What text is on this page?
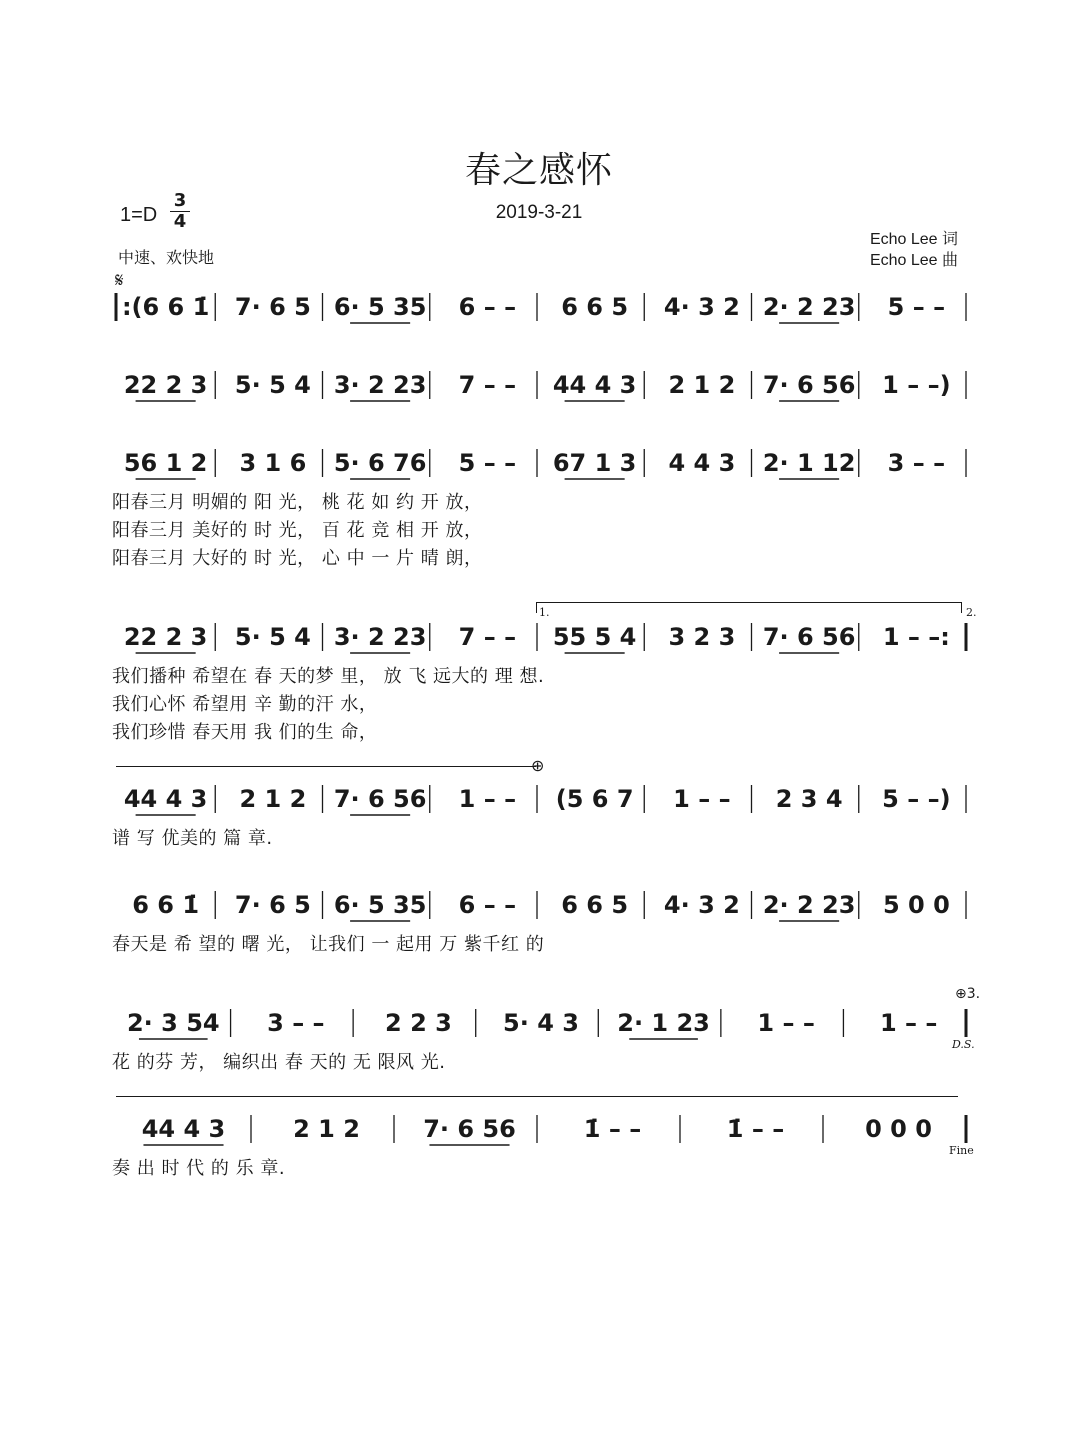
春之感怀
2019-3-21
1=D
3
4
中速、欢快地
Echo Lee 词
Echo Lee 曲
𝄋
:(6 6 1̇ 7· 6 5 6· 5 35 6 – – 6 6 5 4· 3 2 2· 2 23 5 – –
22 2 3 5· 5 4 3· 2 23 7 – – 44 4 3 2 1 2 7· 6 56 1 – –)
56 1 2 3 1 6 5· 6 76 5 – – 67 1 3 4 4 3 2· 1 12 3 – –
22 2 3 5· 5 4 3· 2 23 7 – – 55 5 4 3 2 3 7· 6 56 1 – –:
44 4 3 2 1 2 7· 6 56 1 – – (5 6 7 1 – – 2 3 4 5 – –)
6 6 1̇ 7· 6 5 6· 5 35 6 – – 6 6 5 4· 3 2 2· 2 23 5 0 0
2· 3 54 3 – –	2 2 3 5· 4 3 2· 1 23 1 – –	1 – –
44 4 3	2 1 2	7· 6 56	1̇ – –	1̇ – –	0 0 0
阳春三月 明媚的 阳 光， 桃 花 如 约 开 放，
阳春三月 美好的 时 光， 百 花 竞 相 开 放，
阳春三月 大好的 时 光， 心 中 一 片 晴 朗，
我们播种 希望在 春 天的梦 里， 放 飞 远大的 理 想.
我们心怀 希望用 辛 勤的汗 水，
我们珍惜 春天用 我 们的生 命，
谱 写 优美的 篇 章.
春天是 希 望的 曙 光， 让我们 一 起用 万 紫千红 的
花 的芬 芳， 编织出 春 天的 无 限风 光.
奏 出 时 代 的 乐 章.
1.	2.
⊕
⊕3.
D.S.
Fine
